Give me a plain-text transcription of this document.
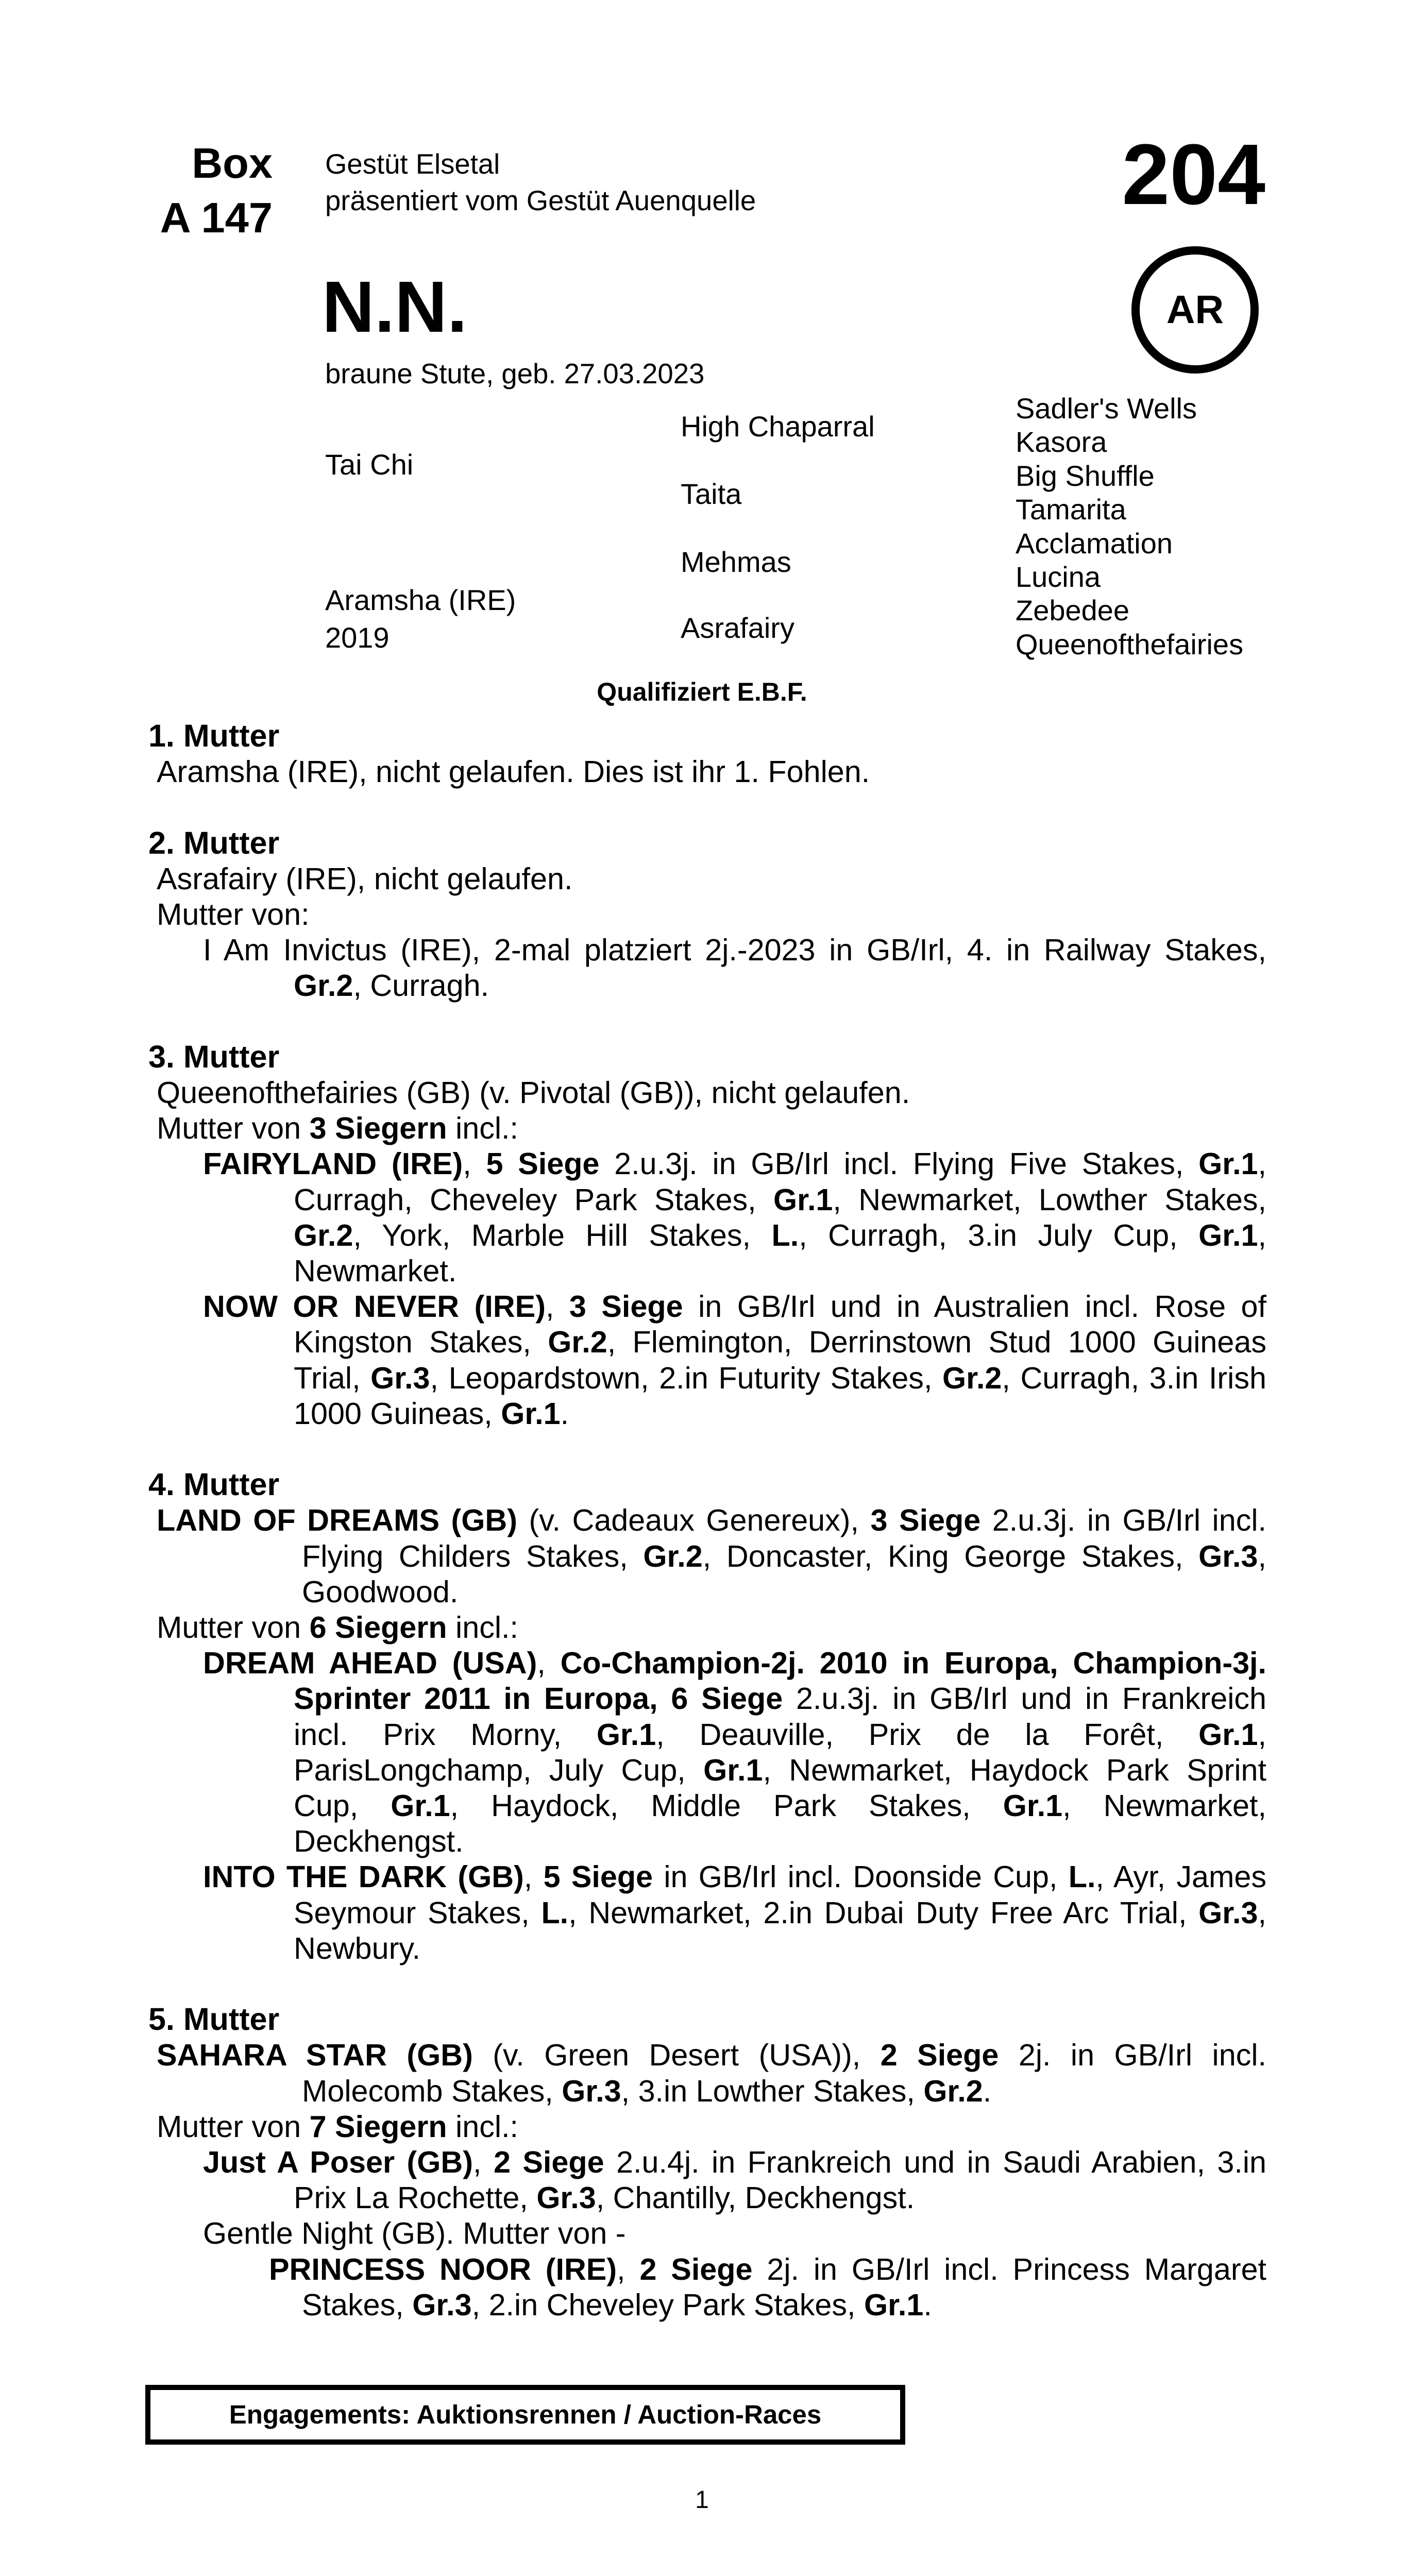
Box
A 147
Gestüt Elsetal
präsentiert vom Gestüt Auenquelle	204
N.N.	AR
braune Stute, geb. 27.03.2023
Tai Chi
Aramsha (IRE)
2019
High Chaparral
Taita
Mehmas
Asrafairy
Sadler's Wells
Kasora
Big Shuffle
Tamarita
Acclamation
Lucina
Zebedee
Queenofthefairies
Qualifiziert E.B.F.
1. Mutter
Aramsha (IRE), nicht gelaufen. Dies ist ihr 1. Fohlen.
2. Mutter
Asrafairy (IRE), nicht gelaufen.
Mutter von:
I Am Invictus (IRE), 2-mal platziert 2j.-2023 in GB/Irl, 4. in Railway Stakes, Gr.2, Curragh.
3. Mutter
Queenofthefairies (GB) (v. Pivotal (GB)), nicht gelaufen.
Mutter von 3 Siegern incl.:
FAIRYLAND (IRE), 5 Siege 2.u.3j. in GB/Irl incl. Flying Five Stakes, Gr.1, Curragh, Cheveley Park Stakes, Gr.1, Newmarket, Lowther Stakes, Gr.2, York, Marble Hill Stakes, L., Curragh, 3.in July Cup, Gr.1, Newmarket.
NOW OR NEVER (IRE), 3 Siege in GB/Irl und in Australien incl. Rose of Kingston Stakes, Gr.2, Flemington, Derrinstown Stud 1000 Guineas Trial, Gr.3, Leopardstown, 2.in Futurity Stakes, Gr.2, Curragh, 3.in Irish 1000 Guineas, Gr.1.
4. Mutter
LAND OF DREAMS (GB) (v. Cadeaux Genereux), 3 Siege 2.u.3j. in GB/Irl incl. Flying Childers Stakes, Gr.2, Doncaster, King George Stakes, Gr.3, Goodwood.
Mutter von 6 Siegern incl.:
DREAM AHEAD (USA), Co-Champion-2j. 2010 in Europa, Champion-3j. Sprinter 2011 in Europa, 6 Siege 2.u.3j. in GB/Irl und in Frankreich incl. Prix Morny, Gr.1, Deauville, Prix de la Forêt, Gr.1, ParisLongchamp, July Cup, Gr.1, Newmarket, Haydock Park Sprint Cup, Gr.1, Haydock, Middle Park Stakes, Gr.1, Newmarket, Deckhengst.
INTO THE DARK (GB), 5 Siege in GB/Irl incl. Doonside Cup, L., Ayr, James Seymour Stakes, L., Newmarket, 2.in Dubai Duty Free Arc Trial, Gr.3, Newbury.
5. Mutter
SAHARA STAR (GB) (v. Green Desert (USA)), 2 Siege 2j. in GB/Irl incl. Molecomb Stakes, Gr.3, 3.in Lowther Stakes, Gr.2.
Mutter von 7 Siegern incl.:
Just A Poser (GB), 2 Siege 2.u.4j. in Frankreich und in Saudi Arabien, 3.in Prix La Rochette, Gr.3, Chantilly, Deckhengst.
Gentle Night (GB). Mutter von -
PRINCESS NOOR (IRE), 2 Siege 2j. in GB/Irl incl. Princess Margaret Stakes, Gr.3, 2.in Cheveley Park Stakes, Gr.1.
Engagements: Auktionsrennen / Auction-Races
1
